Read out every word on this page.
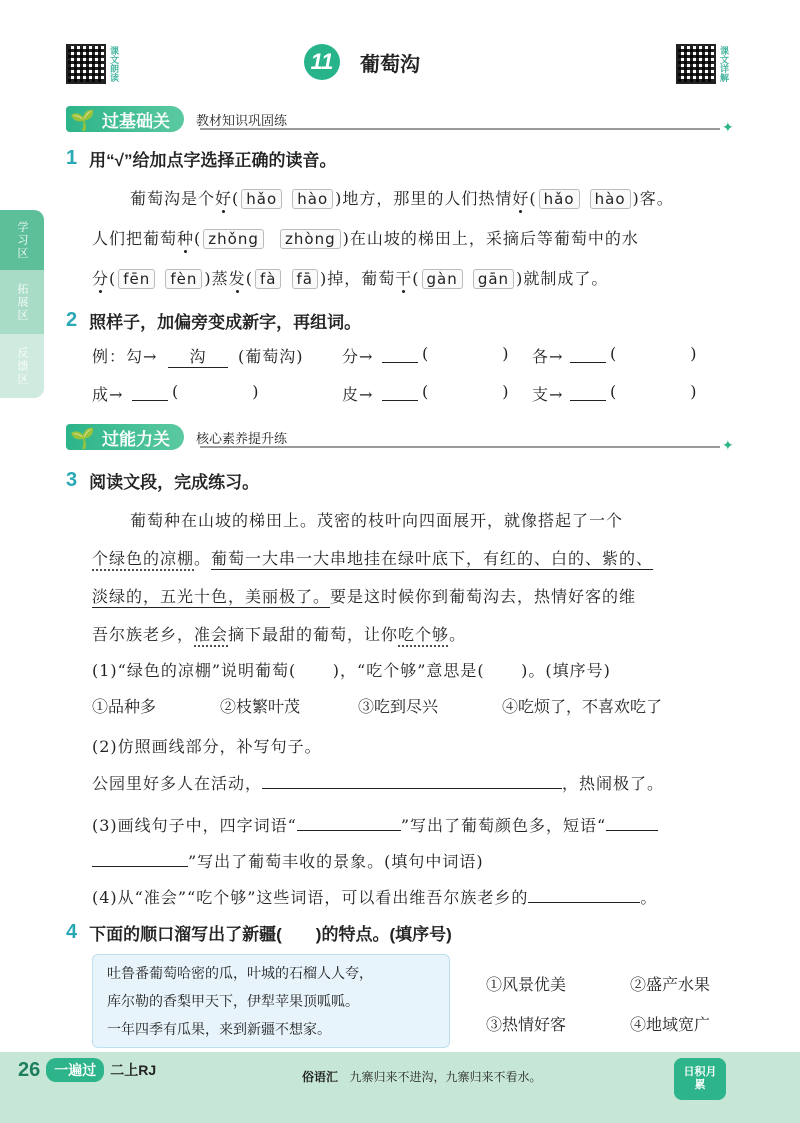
课文朗读	11	葡萄沟	课文详解
学习区
拓展区
反馈区
过基础关	教材知识巩固练
🌱	✦
1 用“√”给加点字选择正确的读音。
葡萄沟是个好( hǎo hào )地方，那里的人们热情好( hǎo hào )客。
人们把葡萄种( zhǒng zhòng )在山坡的梯田上，采摘后等葡萄中的水
分( fēn fèn )蒸发( fà fā )掉，葡萄干( gàn gān )就制成了。
2 照样子，加偏旁变成新字，再组词。
例：勾→	沟	(葡萄沟) 分→	(            ) 各→	(            )
成→	(            )	皮→	(            ) 支→	(            )
过能力关	核心素养提升练
🌱	✦
3 阅读文段，完成练习。
葡萄种在山坡的梯田上。茂密的枝叶向四面展开，就像搭起了一个
个绿色的凉棚。葡萄一大串一大串地挂在绿叶底下，有红的、白的、紫的、
淡绿的，五光十色，美丽极了。要是这时候你到葡萄沟去，热情好客的维
吾尔族老乡，准会摘下最甜的葡萄，让你吃个够。
(1)“绿色的凉棚”说明葡萄( )，“吃个够”意思是( )。(填序号)
①品种多	②枝繁叶茂	③吃到尽兴	④吃烦了，不喜欢吃了
(2)仿照画线部分，补写句子。
公园里好多人在活动，	，热闹极了。
(3)画线句子中，四字词语“	”写出了葡萄颜色多，短语“
”写出了葡萄丰收的景象。(填句中词语)
(4)从“准会”“吃个够”这些词语，可以看出维吾尔族老乡的	。
4 下面的顺口溜写出了新疆(　　)的特点。(填序号)
吐鲁番葡萄哈密的瓜，叶城的石榴人人夸，
库尔勒的香梨甲天下，伊犁苹果顶呱呱。
一年四季有瓜果，来到新疆不想家。
①风景优美	②盛产水果
③热情好客	④地域宽广
26	一遍过	二上RJ	俗语汇 九寨归来不进沟，九寨归来不看水。	日积月累
